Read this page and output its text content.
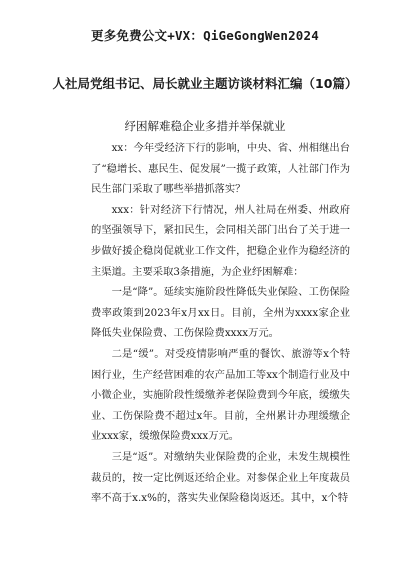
更多免费公文+VX：QiGeGongWen2024
人社局党组书记、局长就业主题访谈材料汇编（10篇）
纾困解难稳企业多措并举保就业

xx：今年受经济下行的影响，中央、省、州相继出台了“稳增长、惠民生、促发展”一揽子政策，人社部门作为民生部门采取了哪些举措抓落实？

xxx：针对经济下行情况，州人社局在州委、州政府的坚强领导下，紧扣民生，会同相关部门出台了关于进一步做好援企稳岗促就业工作文件，把稳企业作为稳经济的主渠道。主要采取3条措施，为企业纾困解难：

一是“降”。延续实施阶段性降低失业保险、工伤保险费率政策到2023年x月xx日。目前，全州为xxxx家企业降低失业保险费、工伤保险费xxxx万元。

二是“缓”。对受疫情影响严重的餐饮、旅游等x个特困行业，生产经营困难的农产品加工等xx个制造行业及中小微企业，实施阶段性缓缴养老保险费到今年底，缓缴失业、工伤保险费不超过x年。目前，全州累计办理缓缴企业xxx家，缓缴保险费xxx万元。

三是“返”。对缴纳失业保险费的企业，未发生规模性裁员的，按一定比例返还给企业。对参保企业上年度裁员率不高于x.x%的，落实失业保险稳岗返还。其中，x个特
